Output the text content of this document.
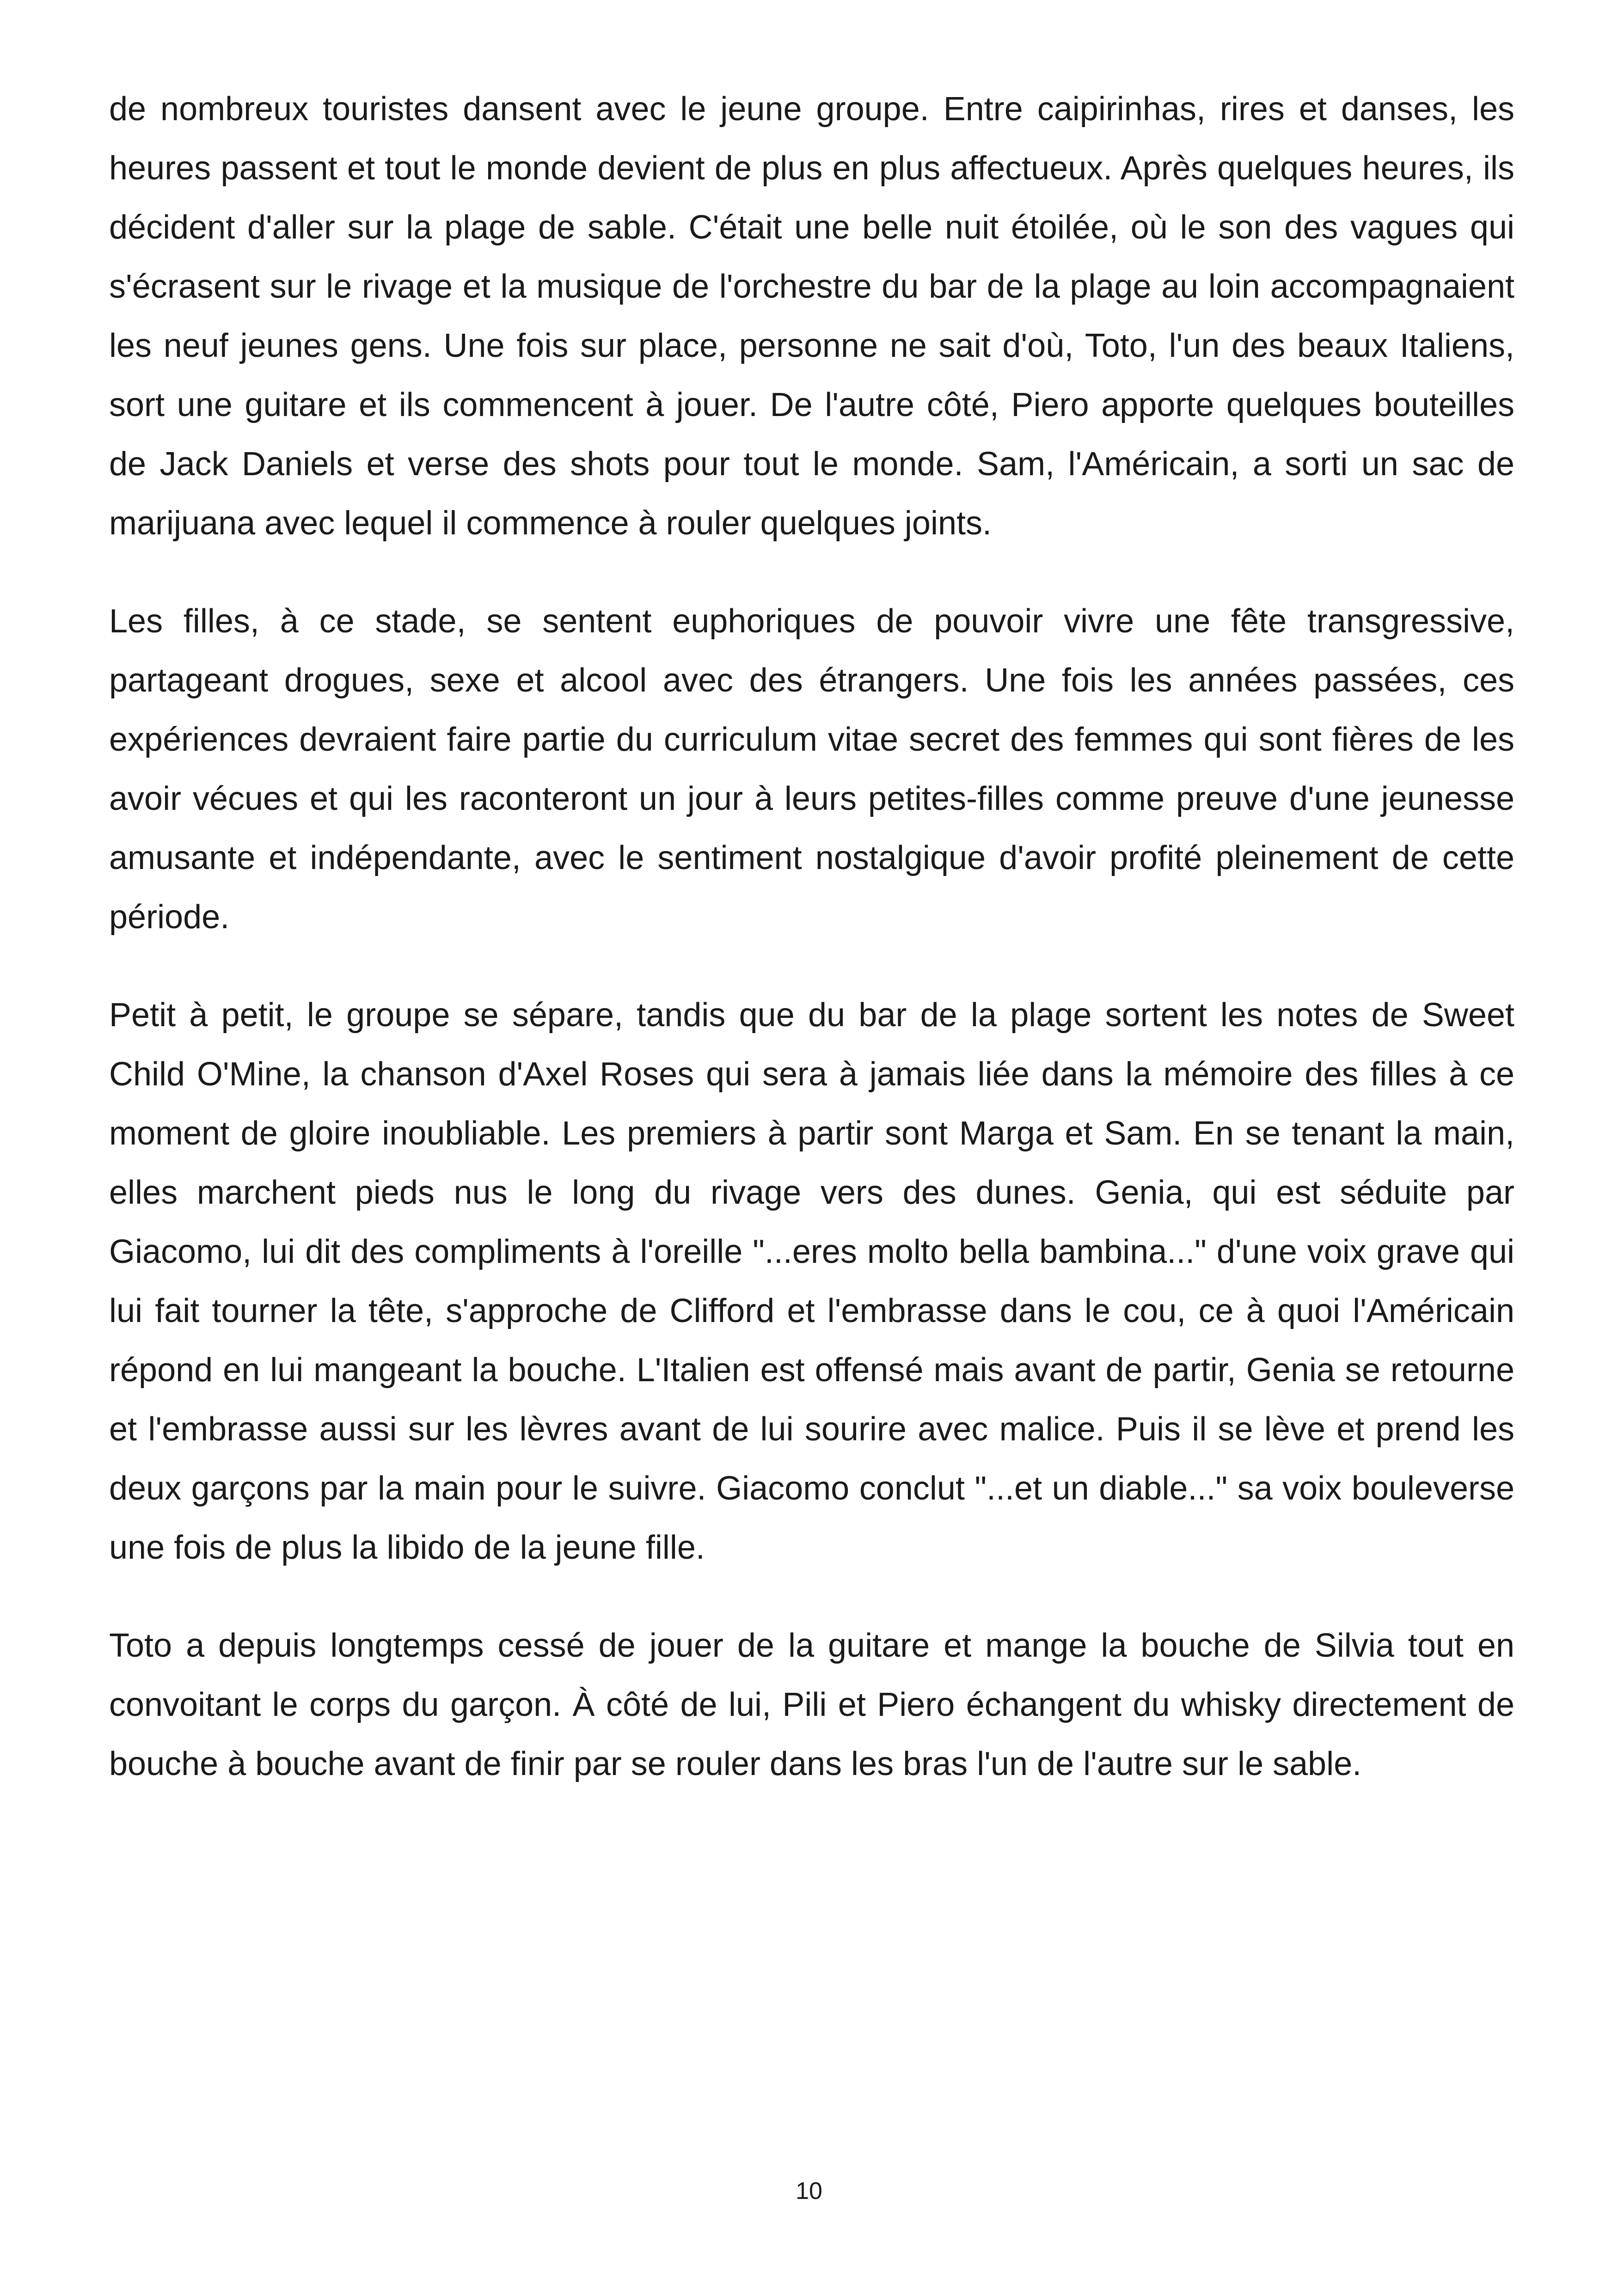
de nombreux touristes dansent avec le jeune groupe. Entre caipirinhas, rires et danses, les heures passent et tout le monde devient de plus en plus affectueux. Après quelques heures, ils décident d'aller sur la plage de sable. C'était une belle nuit étoilée, où le son des vagues qui s'écrasent sur le rivage et la musique de l'orchestre du bar de la plage au loin accompagnaient les neuf jeunes gens. Une fois sur place, personne ne sait d'où, Toto, l'un des beaux Italiens, sort une guitare et ils commencent à jouer. De l'autre côté, Piero apporte quelques bouteilles de Jack Daniels et verse des shots pour tout le monde. Sam, l'Américain, a sorti un sac de marijuana avec lequel il commence à rouler quelques joints.

Les filles, à ce stade, se sentent euphoriques de pouvoir vivre une fête transgressive, partageant drogues, sexe et alcool avec des étrangers. Une fois les années passées, ces expériences devraient faire partie du curriculum vitae secret des femmes qui sont fières de les avoir vécues et qui les raconteront un jour à leurs petites-filles comme preuve d'une jeunesse amusante et indépendante, avec le sentiment nostalgique d'avoir profité pleinement de cette période.

Petit à petit, le groupe se sépare, tandis que du bar de la plage sortent les notes de Sweet Child O'Mine, la chanson d'Axel Roses qui sera à jamais liée dans la mémoire des filles à ce moment de gloire inoubliable. Les premiers à partir sont Marga et Sam. En se tenant la main, elles marchent pieds nus le long du rivage vers des dunes. Genia, qui est séduite par Giacomo, lui dit des compliments à l'oreille "...eres molto bella bambina..." d'une voix grave qui lui fait tourner la tête, s'approche de Clifford et l'embrasse dans le cou, ce à quoi l'Américain répond en lui mangeant la bouche. L'Italien est offensé mais avant de partir, Genia se retourne et l'embrasse aussi sur les lèvres avant de lui sourire avec malice. Puis il se lève et prend les deux garçons par la main pour le suivre. Giacomo conclut "...et un diable..." sa voix bouleverse une fois de plus la libido de la jeune fille.

Toto a depuis longtemps cessé de jouer de la guitare et mange la bouche de Silvia tout en convoitant le corps du garçon. À côté de lui, Pili et Piero échangent du whisky directement de bouche à bouche avant de finir par se rouler dans les bras l'un de l'autre sur le sable.

10
